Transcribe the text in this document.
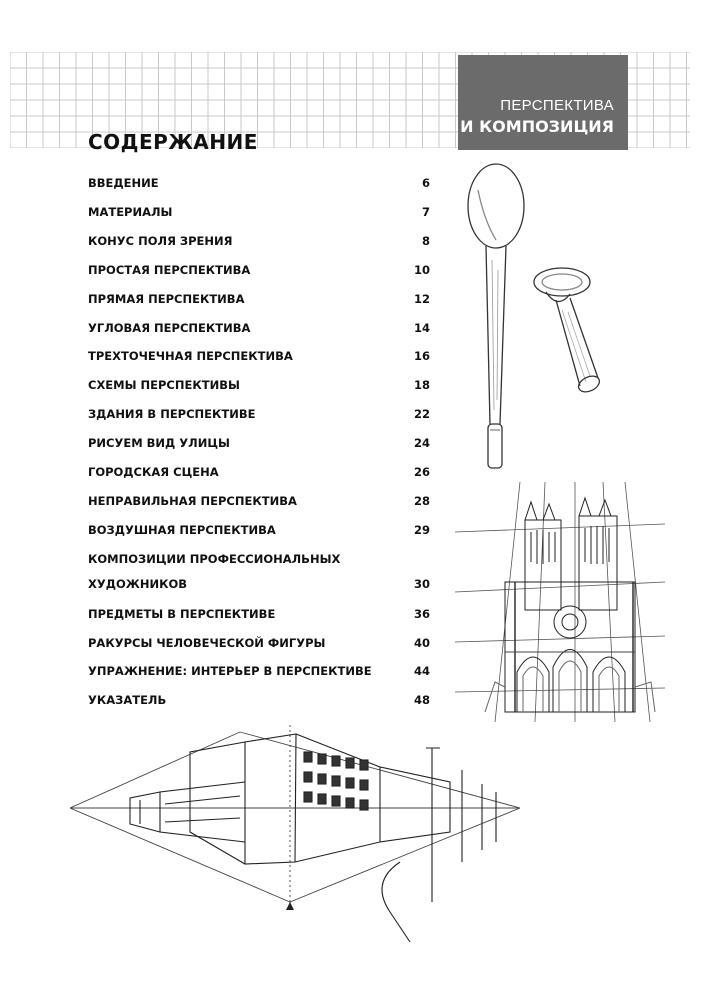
ПЕРСПЕКТИВА
И КОМПОЗИЦИЯ
СОДЕРЖАНИЕ
ВВЕДЕНИЕ	6
МАТЕРИАЛЫ	7
КОНУС ПОЛЯ ЗРЕНИЯ	8
ПРОСТАЯ ПЕРСПЕКТИВА	10
ПРЯМАЯ ПЕРСПЕКТИВА	12
УГЛОВАЯ ПЕРСПЕКТИВА	14
ТРЕХТОЧЕЧНАЯ ПЕРСПЕКТИВА	16
СХЕМЫ ПЕРСПЕКТИВЫ	18
ЗДАНИЯ В ПЕРСПЕКТИВЕ	22
РИСУЕМ ВИД УЛИЦЫ	24
ГОРОДСКАЯ СЦЕНА	26
НЕПРАВИЛЬНАЯ ПЕРСПЕКТИВА	28
ВОЗДУШНАЯ ПЕРСПЕКТИВА	29
КОМПОЗИЦИИ ПРОФЕССИОНАЛЬНЫХ
ХУДОЖНИКОВ	30
ПРЕДМЕТЫ В ПЕРСПЕКТИВЕ	36
РАКУРСЫ ЧЕЛОВЕЧЕСКОЙ ФИГУРЫ	40
УПРАЖНЕНИЕ: ИНТЕРЬЕР В ПЕРСПЕКТИВЕ	44
УКАЗАТЕЛЬ	48
